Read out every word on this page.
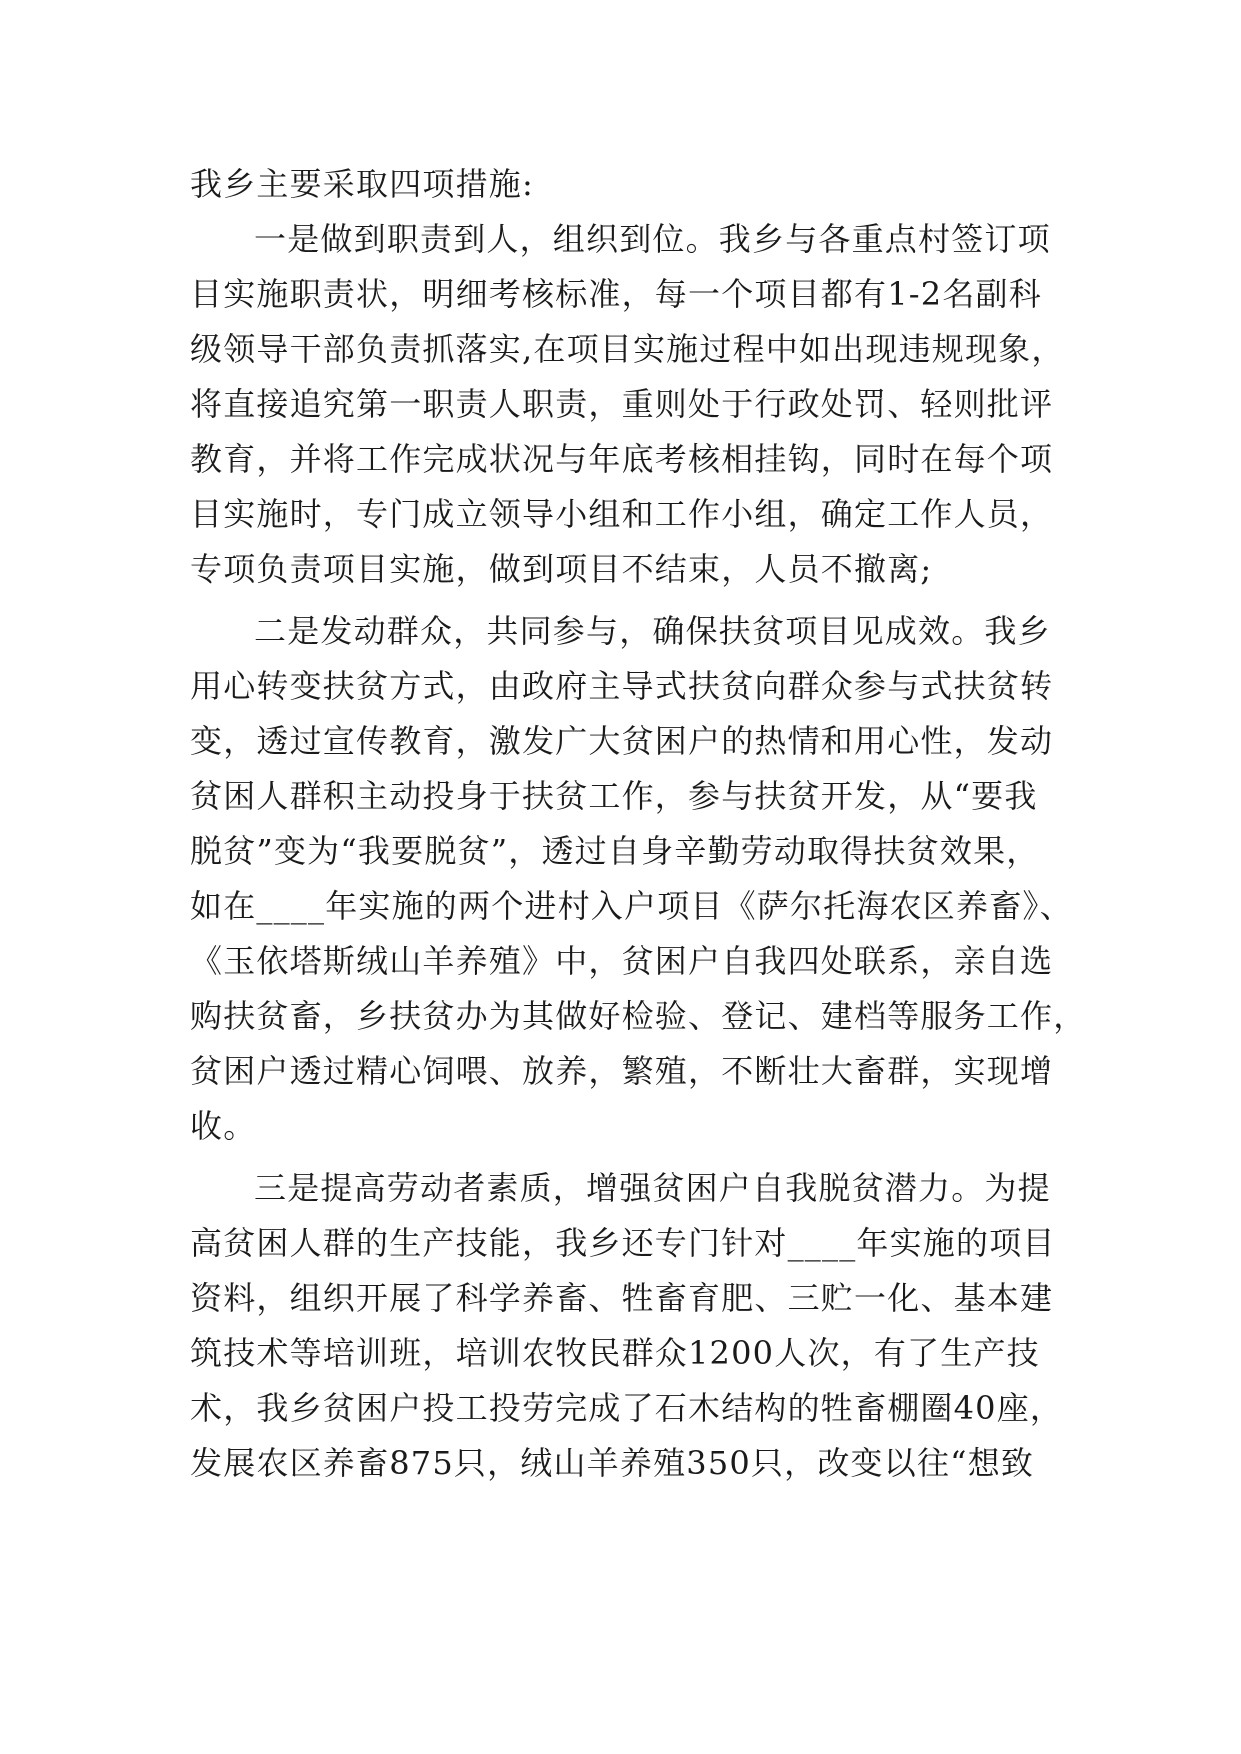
我乡主要采取四项措施:
一是做到职责到人，组织到位。我乡与各重点村签订项
目实施职责状，明细考核标准，每一个项目都有1-2名副科
级领导干部负责抓落实,在项目实施过程中如出现违规现象，
将直接追究第一职责人职责，重则处于行政处罚、轻则批评
教育，并将工作完成状况与年底考核相挂钩，同时在每个项
目实施时，专门成立领导小组和工作小组，确定工作人员，
专项负责项目实施，做到项目不结束，人员不撤离;
二是发动群众，共同参与，确保扶贫项目见成效。我乡
用心转变扶贫方式，由政府主导式扶贫向群众参与式扶贫转
变，透过宣传教育，激发广大贫困户的热情和用心性，发动
贫困人群积主动投身于扶贫工作，参与扶贫开发，从“要我
脱贫”变为“我要脱贫”，透过自身辛勤劳动取得扶贫效果，
如在____年实施的两个进村入户项目《萨尔托海农区养畜》、
《玉依塔斯绒山羊养殖》中，贫困户自我四处联系，亲自选
购扶贫畜，乡扶贫办为其做好检验、登记、建档等服务工作，
贫困户透过精心饲喂、放养，繁殖，不断壮大畜群，实现增
收。
三是提高劳动者素质，增强贫困户自我脱贫潜力。为提
高贫困人群的生产技能，我乡还专门针对____年实施的项目
资料，组织开展了科学养畜、牲畜育肥、三贮一化、基本建
筑技术等培训班，培训农牧民群众1200人次，有了生产技
术，我乡贫困户投工投劳完成了石木结构的牲畜棚圈40座，
发展农区养畜875只，绒山羊养殖350只，改变以往“想致
